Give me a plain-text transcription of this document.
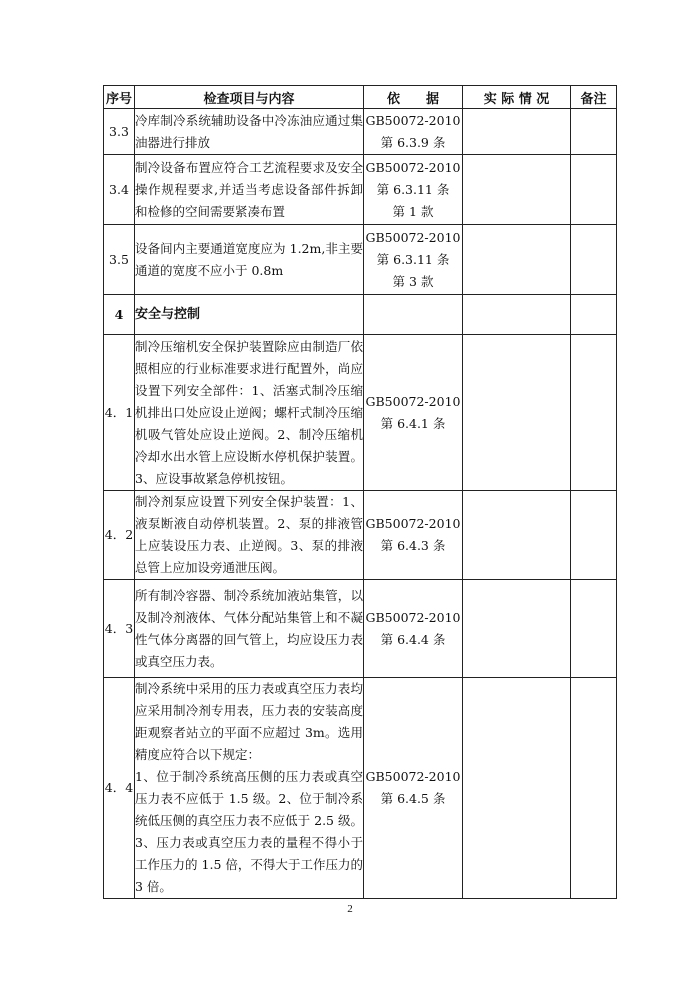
序号	检查项目与内容	依　　据	实 际 情 况	备注
3.3	冷库制冷系统辅助设备中冷冻油应通过集油器进行排放	GB50072-2010
第 6.3.9 条		

3.4	制冷设备布置应符合工艺流程要求及安全操作规程要求,并适当考虑设备部件拆卸和检修的空间需要紧凑布置	GB50072-2010
第 6.3.11 条
第 1 款		

3.5	设备间内主要通道宽度应为 1.2m,非主要通道的宽度不应小于 0.8m	GB50072-2010
第 6.3.11 条
第 3 款		

4	安全与控制			
4．1	制冷压缩机安全保护装置除应由制造厂依照相应的行业标准要求进行配置外，尚应设置下列安全部件：1、活塞式制冷压缩机排出口处应设止逆阀；螺杆式制冷压缩机吸气管处应设止逆阀。2、制冷压缩机冷却水出水管上应设断水停机保护装置。3、应设事故紧急停机按钮。	GB50072-2010
第 6.4.1 条		

4．2	制冷剂泵应设置下列安全保护装置：1、液泵断液自动停机装置。2、泵的排液管上应装设压力表、止逆阀。3、泵的排液总管上应加设旁通泄压阀。	GB50072-2010
第 6.4.3 条		

4．3	所有制冷容器、制冷系统加液站集管，以及制冷剂液体、气体分配站集管上和不凝性气体分离器的回气管上，均应设压力表或真空压力表。	GB50072-2010
第 6.4.4 条		

4．4	制冷系统中采用的压力表或真空压力表均应采用制冷剂专用表，压力表的安装高度距观察者站立的平面不应超过 3m。选用精度应符合以下规定：
1、位于制冷系统高压侧的压力表或真空压力表不应低于 1.5 级。2、位于制冷系统低压侧的真空压力表不应低于 2.5 级。3、压力表或真空压力表的量程不得小于工作压力的 1.5 倍，不得大于工作压力的 3 倍。	GB50072-2010
第 6.4.5 条		

2
